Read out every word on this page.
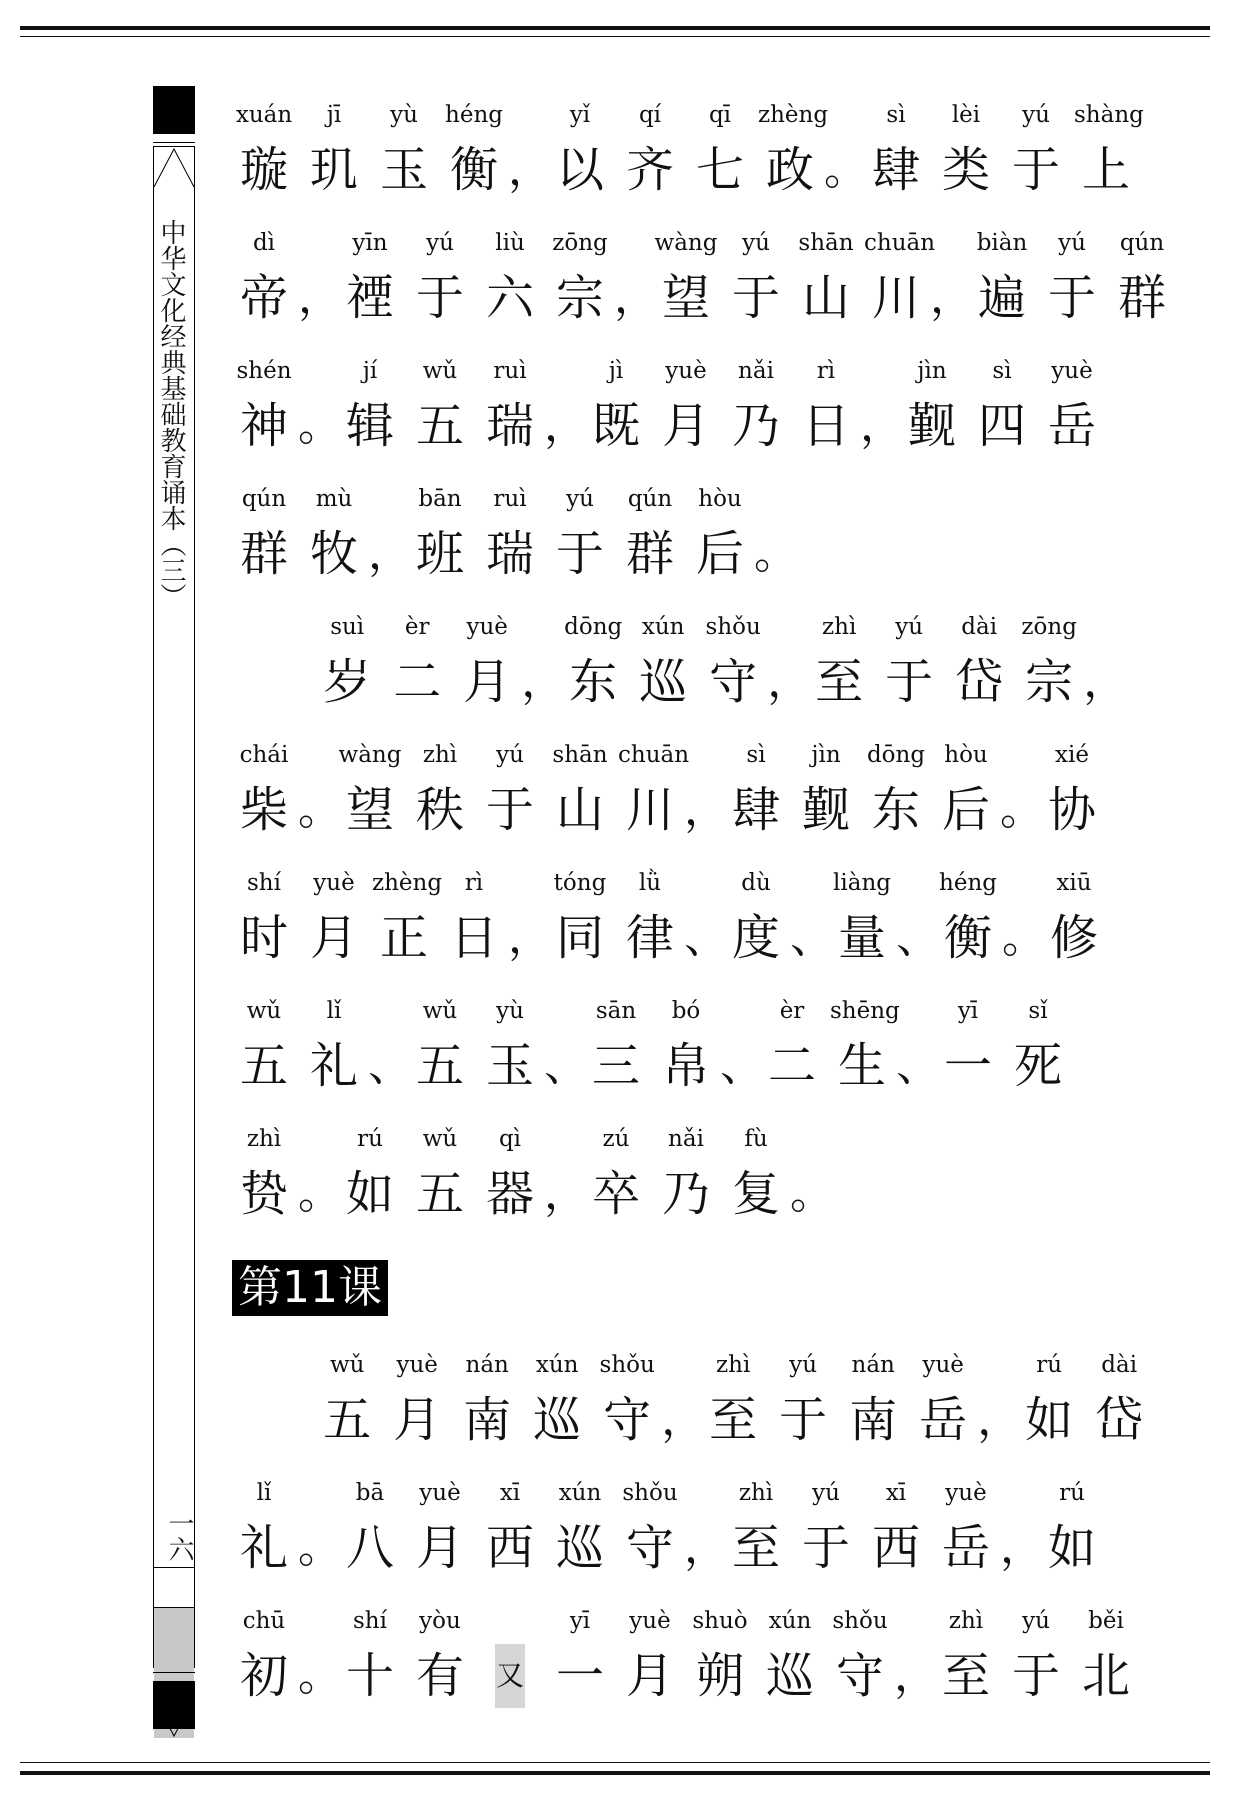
中华文化经典基础教育诵本（三）
一六
xuán
璇
jī
玑
yù
玉
héng
衡 ，
yǐ
以
qí
齐
qī
七
zhèng
政 。
sì
肆
lèi
类
yú
于
shàng
上
dì
帝 ，
yīn
禋
yú
于
liù
六
zōng
宗 ，
wàng
望
yú
于
shān
山
chuān
川 ，
biàn
遍
yú
于
qún
群
shén
神 。
jí
辑
wǔ
五
ruì
瑞 ，
jì
既
yuè
月
nǎi
乃
rì
日 ，
jìn
觐
sì
四
yuè
岳
qún
群
mù
牧 ，
bān
班
ruì
瑞
yú
于
qún
群
hòu
后 。
suì
岁
èr
二
yuè
月 ，
dōng
东
xún
巡
shǒu
守 ，
zhì
至
yú
于
dài
岱
zōng
宗 ，
chái
柴 。
wàng
望
zhì
秩
yú
于
shān
山
chuān
川 ，
sì
肆
jìn
觐
dōng
东
hòu
后 。
xié
协
shí
时
yuè
月
zhèng
正
rì
日 ，
tóng
同
lǜ
律 、
dù
度 、
liàng
量 、
héng
衡 。
xiū
修
wǔ
五
lǐ
礼 、
wǔ
五
yù
玉 、
sān
三
bó
帛 、
èr
二
shēng
生 、
yī
一
sǐ
死
zhì
贽 。
rú
如
wǔ
五
qì
器 ，
zú
卒
nǎi
乃
fù
复 。
第11课
wǔ
五
yuè
月
nán
南
xún
巡
shǒu
守 ，
zhì
至
yú
于
nán
南
yuè
岳 ，
rú
如
dài
岱
lǐ
礼 。
bā
八
yuè
月
xī
西
xún
巡
shǒu
守 ，
zhì
至
yú
于
xī
西
yuè
岳 ，
rú
如
chū
初 。
shí
十
yòu
有 又
yī
一
yuè
月
shuò
朔
xún
巡
shǒu
守 ，
zhì
至
yú
于
běi
北
